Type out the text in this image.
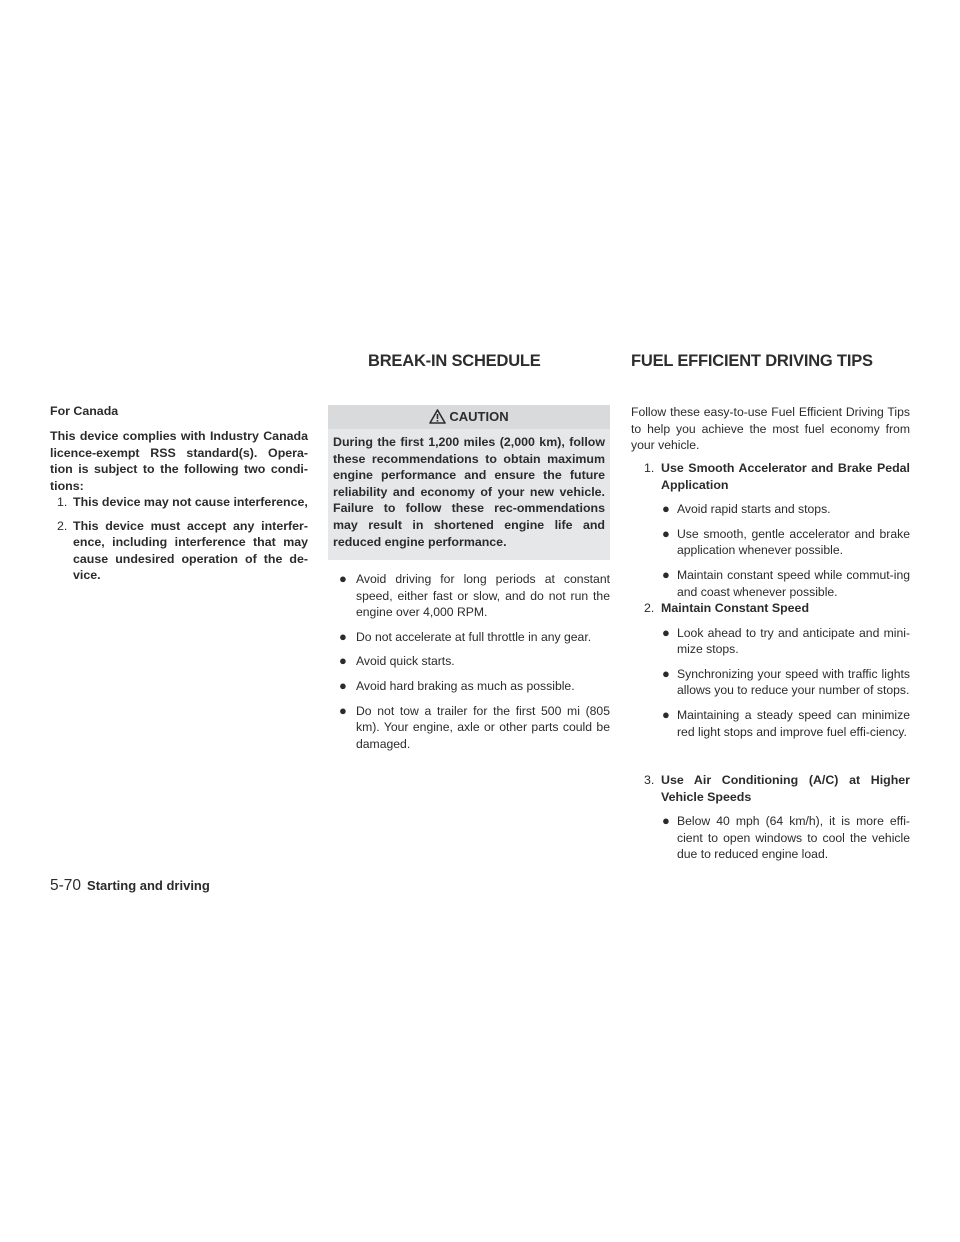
BREAK-IN SCHEDULE	FUEL EFFICIENT DRIVING TIPS
For Canada
This device complies with Industry Canada licence-exempt RSS standard(s). Opera-tion is subject to the following two condi-tions:
1. This device may not cause interference,
2. This device must accept any interfer-ence, including interference that may cause undesired operation of the de-vice.
CAUTION
During the first 1,200 miles (2,000 km), follow these recommendations to obtain maximum engine performance and ensure the future reliability and economy of your new vehicle. Failure to follow these rec-ommendations may result in shortened engine life and reduced engine performance.
● Avoid driving for long periods at constant speed, either fast or slow, and do not run the engine over 4,000 RPM.
● Do not accelerate at full throttle in any gear.
● Avoid quick starts.
● Avoid hard braking as much as possible.
● Do not tow a trailer for the first 500 mi (805 km). Your engine, axle or other parts could be damaged.
Follow these easy-to-use Fuel Efficient Driving Tips to help you achieve the most fuel economy from your vehicle.
1. Use Smooth Accelerator and Brake Pedal Application
● Avoid rapid starts and stops.
● Use smooth, gentle accelerator and brake application whenever possible.
● Maintain constant speed while commut-ing and coast whenever possible.
2. Maintain Constant Speed
● Look ahead to try and anticipate and mini-mize stops.
● Synchronizing your speed with traffic lights allows you to reduce your number of stops.
● Maintaining a steady speed can minimize red light stops and improve fuel effi-ciency.
3. Use Air Conditioning (A/C) at Higher Vehicle Speeds
● Below 40 mph (64 km/h), it is more effi-cient to open windows to cool the vehicle due to reduced engine load.
5-70 Starting and driving
